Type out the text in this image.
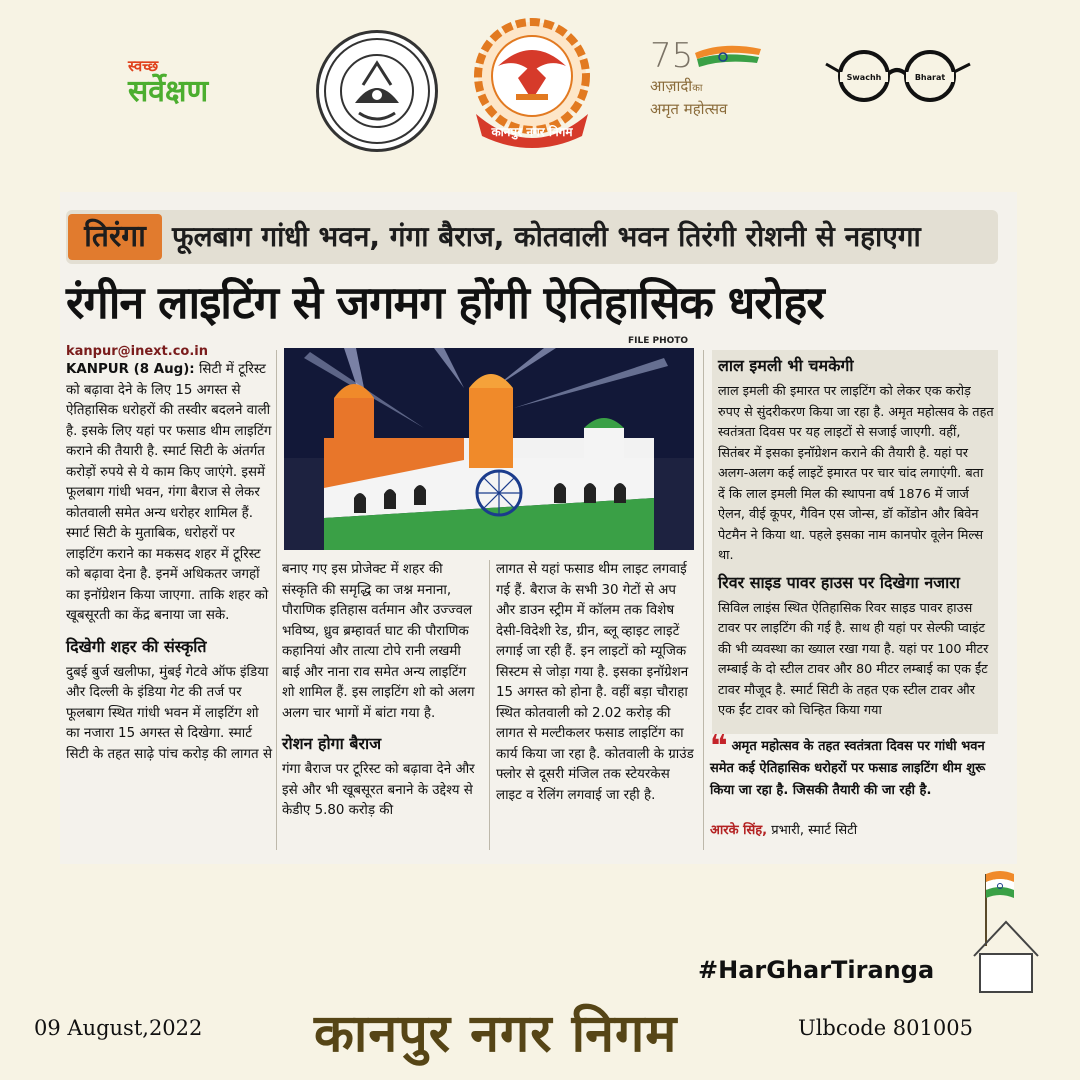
स्वच्छ
सर्वेक्षण
कानपुर नगर निगम
75
आज़ादीका
अमृत महोत्सव
Swachh	Bharat
तिरंगा फूलबाग गांधी भवन, गंगा बैराज, कोतवाली भवन तिरंगी रोशनी से नहाएगा
रंगीन लाइटिंग से जगमग होंगी ऐतिहासिक धरोहर
kanpur@inext.co.in

KANPUR (8 Aug): सिटी में टूरिस्ट को बढ़ावा देने के लिए 15 अगस्त से ऐतिहासिक धरोहरों की तस्वीर बदलने वाली है. इसके लिए यहां पर फसाड थीम लाइटिंग कराने की तैयारी है. स्मार्ट सिटी के अंतर्गत करोड़ों रुपये से ये काम किए जाएंगे. इसमें फूलबाग गांधी भवन, गंगा बैराज से लेकर कोतवाली समेत अन्य धरोहर शामिल हैं. स्मार्ट सिटी के मुताबिक, धरोहरों पर लाइटिंग कराने का मकसद शहर में टूरिस्ट को बढ़ावा देना है. इनमें अधिकतर जगहों का इनॉग्रेशन किया जाएगा. ताकि शहर को खूबसूरती का केंद्र बनाया जा सके.

दिखेगी शहर की संस्कृति

दुबई बुर्ज खलीफा, मुंबई गेटवे ऑफ इंडिया और दिल्ली के इंडिया गेट की तर्ज पर फूलबाग स्थित गांधी भवन में लाइटिंग शो का नजारा 15 अगस्त से दिखेगा. स्मार्ट सिटी के तहत साढ़े पांच करोड़ की लागत से

FILE PHOTO

बनाए गए इस प्रोजेक्ट में शहर की संस्कृति की समृद्धि का जश्न मनाना, पौराणिक इतिहास वर्तमान और उज्ज्वल भविष्य, ध्रुव ब्रम्हावर्त घाट की पौराणिक कहानियां और तात्या टोपे रानी लखमी बाई और नाना राव समेत अन्य लाइटिंग शो शामिल हैं. इस लाइटिंग शो को अलग अलग चार भागों में बांटा गया है.

रोशन होगा बैराज

गंगा बैराज पर टूरिस्ट को बढ़ावा देने और इसे और भी खूबसूरत बनाने के उद्देश्य से केडीए 5.80 करोड़ की

लागत से यहां फसाड थीम लाइट लगवाई गई हैं. बैराज के सभी 30 गेटों से अप और डाउन स्ट्रीम में कॉलम तक विशेष देसी-विदेशी रेड, ग्रीन, ब्लू व्हाइट लाइटें लगाई जा रही हैं. इन लाइटों को म्यूजिक सिस्टम से जोड़ा गया है. इसका इनॉग्रेशन 15 अगस्त को होना है. वहीं बड़ा चौराहा स्थित कोतवाली को 2.02 करोड़ की लागत से मल्टीकलर फसाड लाइटिंग का कार्य किया जा रहा है. कोतवाली के ग्राउंड फ्लोर से दूसरी मंजिल तक स्टेयरकेस लाइट व रेलिंग लगवाई जा रही है.

लाल इमली भी चमकेगी

लाल इमली की इमारत पर लाइटिंग को लेकर एक करोड़ रुपए से सुंदरीकरण किया जा रहा है. अमृत महोत्सव के तहत स्वतंत्रता दिवस पर यह लाइटों से सजाई जाएगी. वहीं, सितंबर में इसका इनॉग्रेशन कराने की तैयारी है. यहां पर अलग-अलग कई लाइटें इमारत पर चार चांद लगाएंगी. बता दें कि लाल इमली मिल की स्थापना वर्ष 1876 में जार्ज ऐलन, वीई कूपर, गैविन एस जोन्स, डॉ कोंडोन और बिवेन पेटमैन ने किया था. पहले इसका नाम कानपोर वूलेन मिल्स था.

रिवर साइड पावर हाउस पर दिखेगा नजारा

सिविल लाइंस स्थित ऐतिहासिक रिवर साइड पावर हाउस टावर पर लाइटिंग की गई है. साथ ही यहां पर सेल्फी प्वाइंट की भी व्यवस्था का ख्याल रखा गया है. यहां पर 100 मीटर लम्बाई के दो स्टील टावर और 80 मीटर लम्बाई का एक ईंट टावर मौजूद है. स्मार्ट सिटी के तहत एक स्टील टावर और एक ईंट टावर को चिन्हित किया गया

❝ अमृत महोत्सव के तहत स्वतंत्रता दिवस पर गांधी भवन समेत कई ऐतिहासिक धरोहरों पर फसाड लाइटिंग थीम शुरू किया जा रहा है. जिसकी तैयारी की जा रही है.
आरके सिंह, प्रभारी, स्मार्ट सिटी
#HarGharTiranga
09 August,2022 कानपुर नगर निगम	Ulbcode 801005
